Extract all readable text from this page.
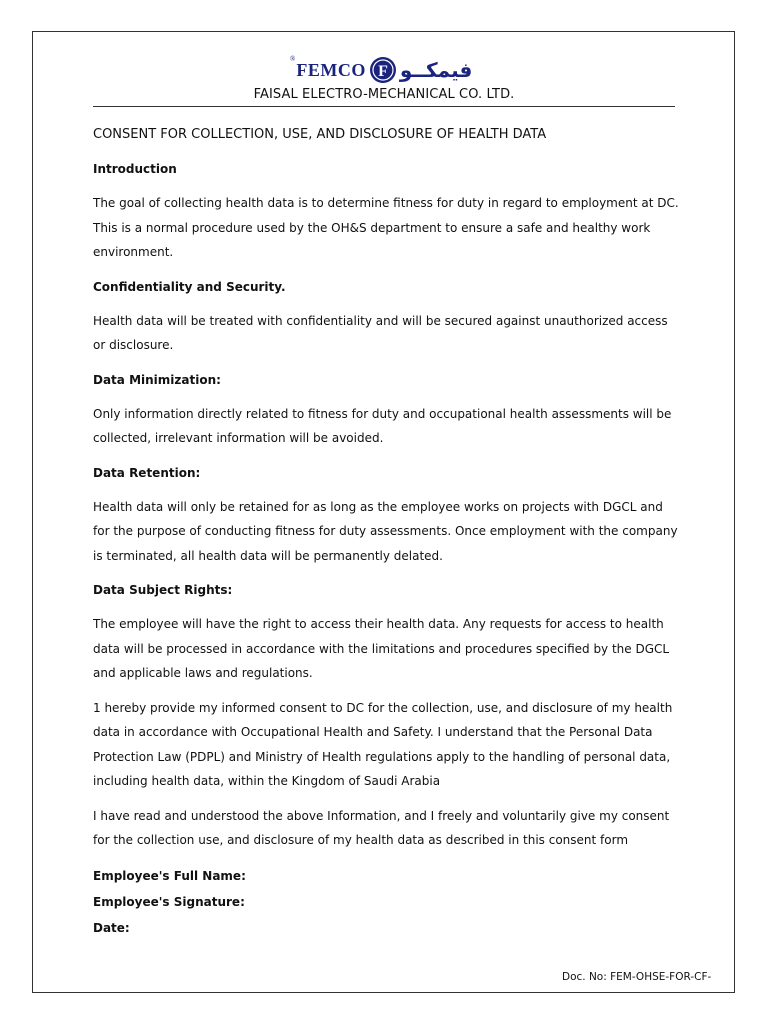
®
FEMCO F فيمكــو
FAISAL ELECTRO-MECHANICAL CO. LTD.
CONSENT FOR COLLECTION, USE, AND DISCLOSURE OF HEALTH DATA
Introduction

The goal of collecting health data is to determine fitness for duty in regard to employment at DC. This is a normal procedure used by the OH&S department to ensure a safe and healthy work environment.

Confidentiality and Security.

Health data will be treated with confidentiality and will be secured against unauthorized access or disclosure.

Data Minimization:

Only information directly related to fitness for duty and occupational health assessments will be collected, irrelevant information will be avoided.

Data Retention:

Health data will only be retained for as long as the employee works on projects with DGCL and for the purpose of conducting fitness for duty assessments. Once employment with the company is terminated, all health data will be permanently delated.

Data Subject Rights:

The employee will have the right to access their health data. Any requests for access to health data will be processed in accordance with the limitations and procedures specified by the DGCL and applicable laws and regulations.

1 hereby provide my informed consent to DC for the collection, use, and disclosure of my health data in accordance with Occupational Health and Safety. I understand that the Personal Data Protection Law (PDPL) and Ministry of Health regulations apply to the handling of personal data, including health data, within the Kingdom of Saudi Arabia

I have read and understood the above Information, and I freely and voluntarily give my consent for the collection use, and disclosure of my health data as described in this consent form

Employee's Full Name:

Employee's Signature:

Date:

Doc. No: FEM-OHSE-FOR-CF-
